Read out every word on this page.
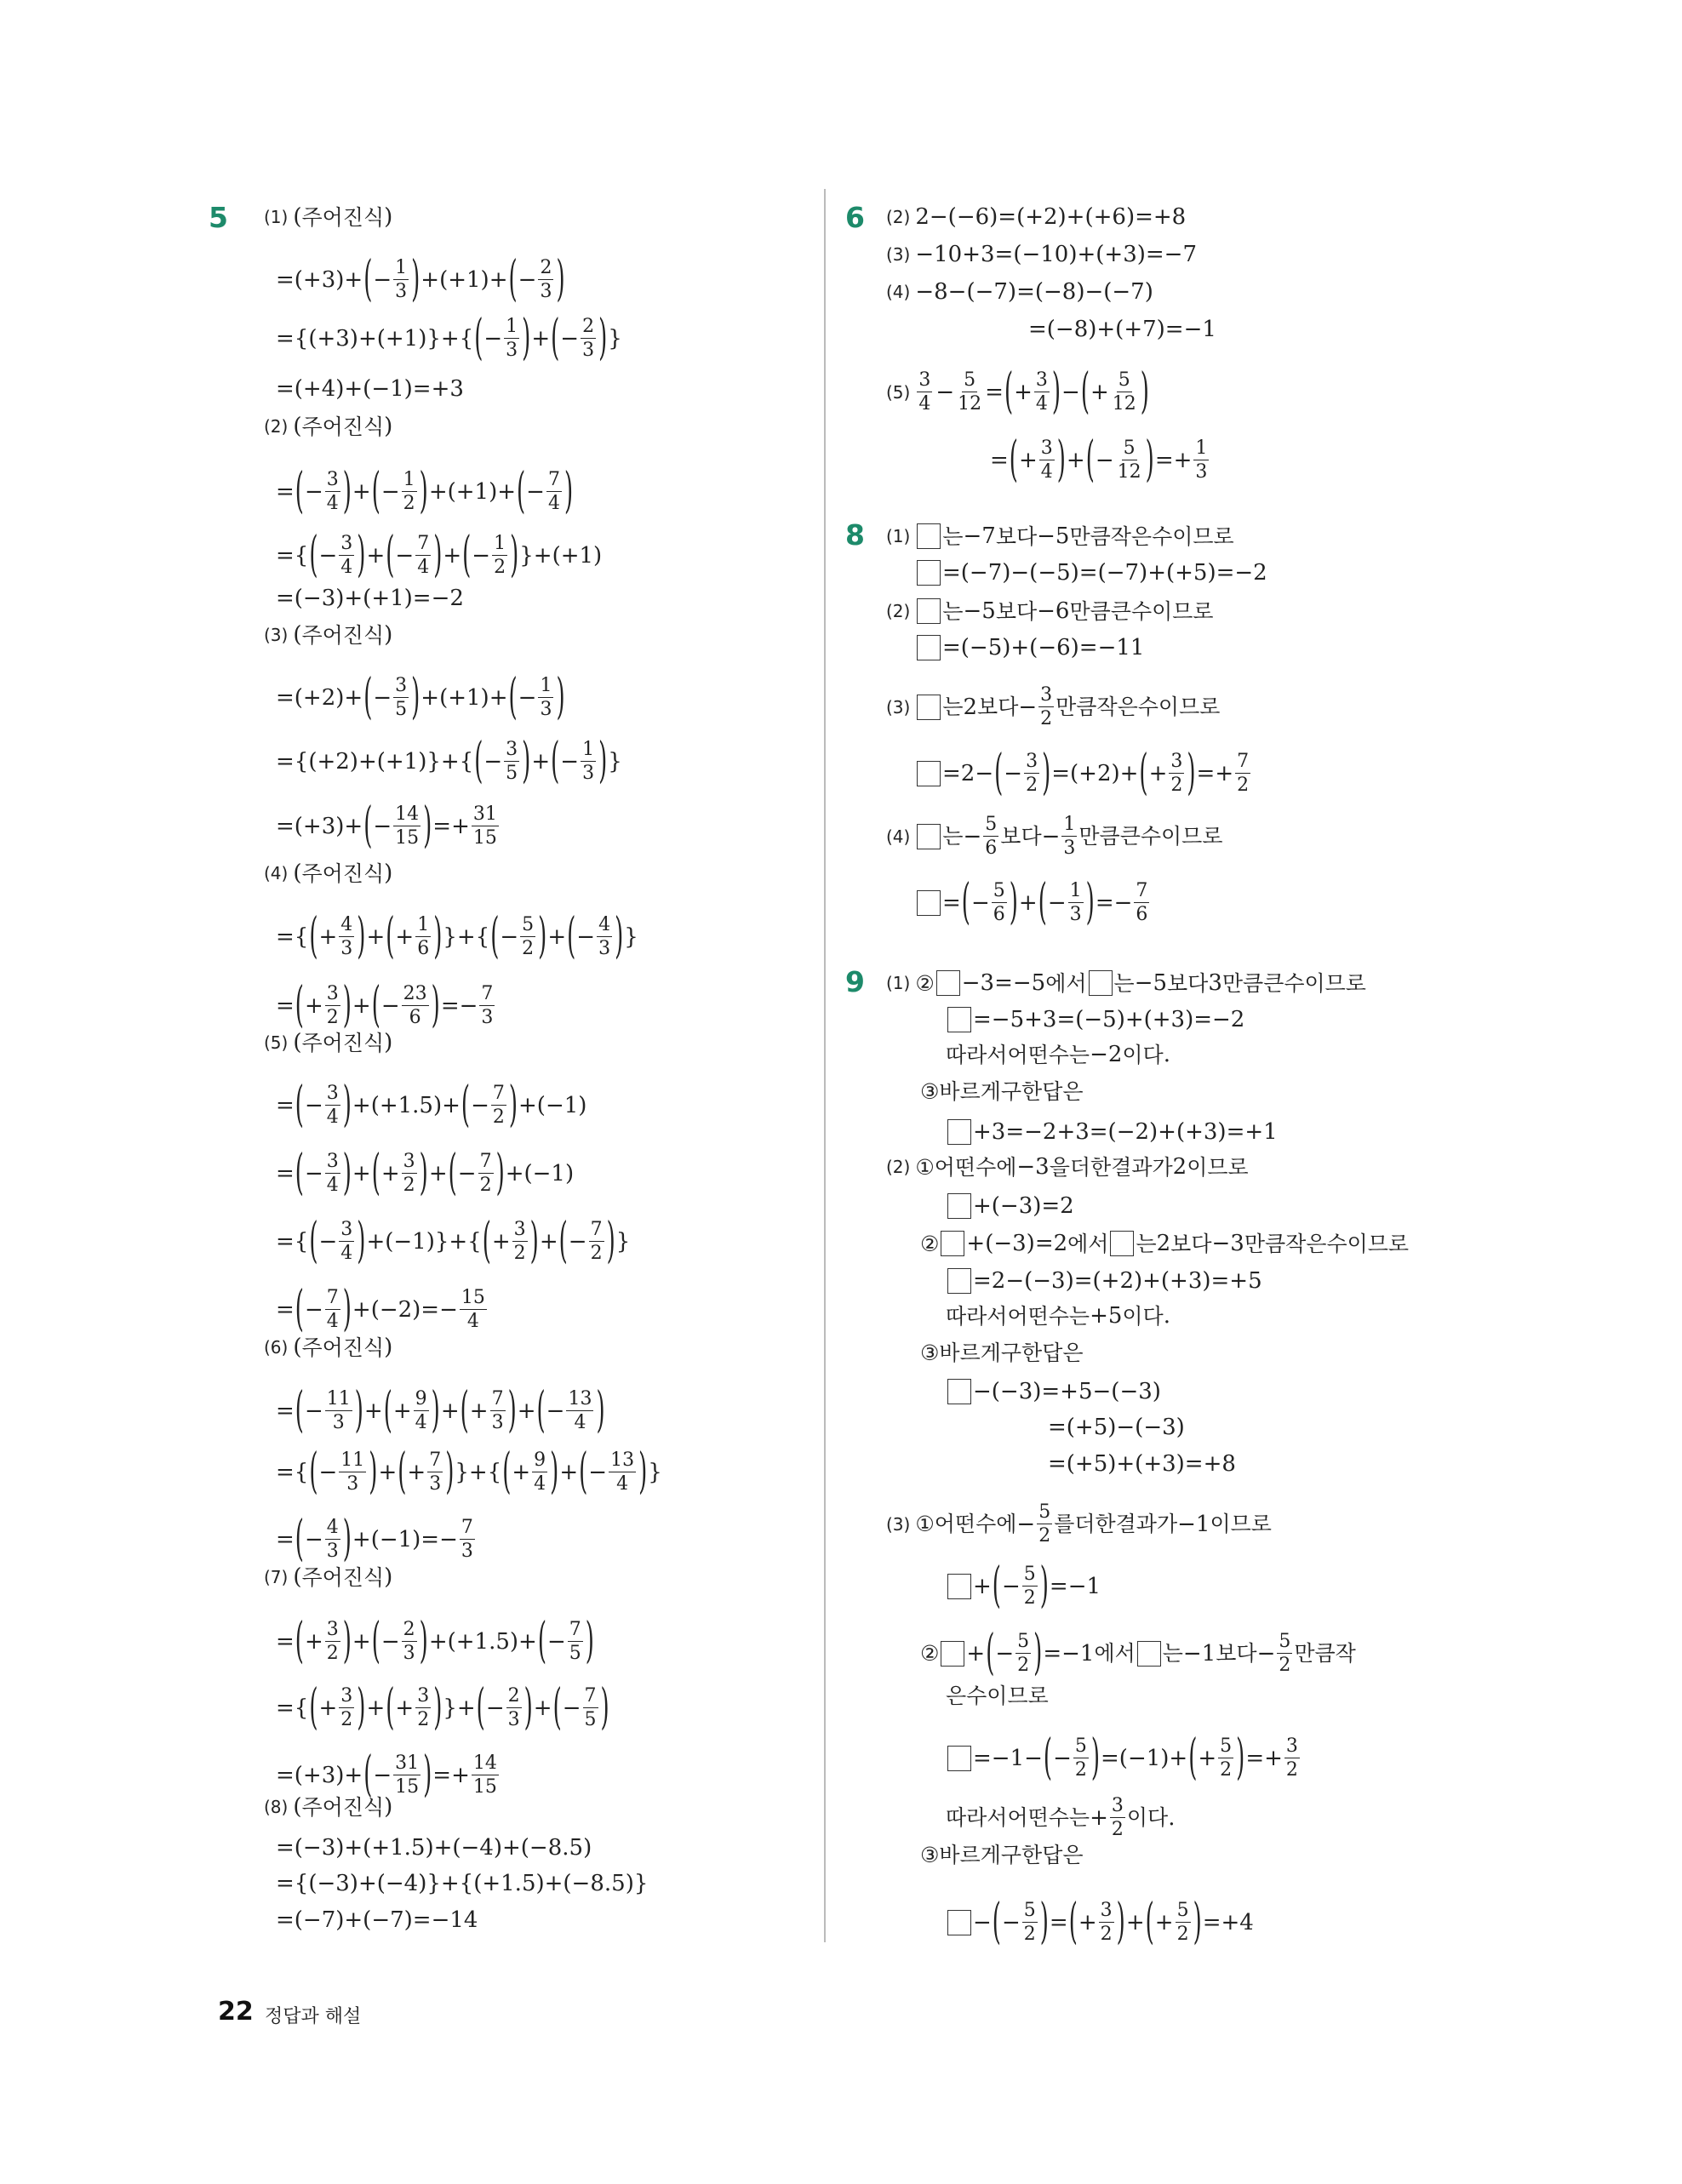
5 (1) ( 주어진 식 )
=(+3)+ ( − $\frac{1}{3}$ ) +(+1)+ ( − $\frac{2}{3}$ )
={(+3)+(+1)}+{ ( − $\frac{1}{3}$ ) + ( − $\frac{2}{3}$ ) }
=(+4)+(−1)=+3
(2) ( 주어진 식 )
= ( − $\frac{3}{4}$ ) + ( − $\frac{1}{2}$ ) +(+1)+ ( − $\frac{7}{4}$ )
={ ( − $\frac{3}{4}$ ) + ( − $\frac{7}{4}$ ) + ( − $\frac{1}{2}$ ) }+(+1)
=(−3)+(+1)=−2
(3) ( 주어진 식 )
=(+2)+ ( − $\frac{3}{5}$ ) +(+1)+ ( − $\frac{1}{3}$ )
={(+2)+(+1)}+{ ( − $\frac{3}{5}$ ) + ( − $\frac{1}{3}$ ) }
=(+3)+ ( − $\frac{14}{15}$ ) =+ $\frac{31}{15}$
(4) ( 주어진 식 )
={ ( + $\frac{4}{3}$ ) + ( + $\frac{1}{6}$ ) }+{ ( − $\frac{5}{2}$ ) + ( − $\frac{4}{3}$ ) }
= ( + $\frac{3}{2}$ ) + ( − $\frac{23}{6}$ ) =− $\frac{7}{3}$
(5) ( 주어진 식 )
= ( − $\frac{3}{4}$ ) +(+1.5)+ ( − $\frac{7}{2}$ ) +(−1)
= ( − $\frac{3}{4}$ ) + ( + $\frac{3}{2}$ ) + ( − $\frac{7}{2}$ ) +(−1)
={ ( − $\frac{3}{4}$ ) +(−1)}+{ ( + $\frac{3}{2}$ ) + ( − $\frac{7}{2}$ ) }
= ( − $\frac{7}{4}$ ) $+(-2)=- \frac{15}{4}$
(6) ( 주어진 식 )
= ( − $\frac{11}{3}$ ) + ( + $\frac{9}{4}$ ) + ( + $\frac{7}{3}$ ) + ( − $\frac{13}{4}$ )
={ ( − $\frac{11}{3}$ ) + ( + $\frac{7}{3}$ ) }+{ ( + $\frac{9}{4}$ ) + ( − $\frac{13}{4}$ ) }
= ( − $\frac{4}{3}$ ) $+(-1)=- \frac{7}{3}$
(7) ( 주어진 식 )
= ( + $\frac{3}{2}$ ) + ( − $\frac{2}{3}$ ) +(+1.5)+ ( − $\frac{7}{5}$ )
={ ( + $\frac{3}{2}$ ) + ( + $\frac{3}{2}$ ) }+ ( − $\frac{2}{3}$ ) + ( − $\frac{7}{5}$ )
=(+3)+ ( − $\frac{31}{15}$ ) =+ $\frac{14}{15}$
(8) ( 주어진 식 )
=(−3)+(+1.5)+(−4)+(−8.5)
={(−3)+(−4)}+{(+1.5)+(−8.5)}
=(−7)+(−7)=−14
6 (2) 2−(−6)=(+2)+(+6)=+8
(3) −10+3=(−10)+(+3)=−7
(4) −8−(−7)=(−8)−(−7)
=(−8)+(+7)=−1
$(5) \frac{3}{4} - \frac{5}{12}$ = ( + $\frac{3}{4}$ ) − ( + $\frac{5}{12}$ )
= ( + $\frac{3}{4}$ ) + ( − $\frac{5}{12}$ ) =+ $\frac{1}{3}$
8 (1) 는 −7 보다 −5 만큼 작은 수이므로
=(−7)−(−5)=(−7)+(+5)=−2
(2) 는 −5 보다 −6 만큼 큰 수이므로
=(−5)+(−6)=−11
(3) 는 2 보다 − $\frac{3}{2}$ 만큼 작은 수이므로
=2− ( − $\frac{3}{2}$ ) =(+2)+ ( + $\frac{3}{2}$ ) =+ $\frac{7}{2}$
(4) 는 − $\frac{5}{6}$ 보다 − $\frac{1}{3}$ 만큼 큰 수이므로
= ( − $\frac{5}{6}$ ) + ( − $\frac{1}{3}$ ) =− $\frac{7}{6}$
9 (1) ② −3=−5 에서 는 −5 보다 3 만큼 큰 수이므로
=−5+3=(−5)+(+3)=−2
따라서 어떤 수는 −2 이다 .
③ 바르게 구한 답은
+3=−2+3=(−2)+(+3)=+1
(2) ① 어떤 수에 −3 을 더한 결과가 2 이므로
+(−3)=2
② +(−3)=2 에서 는 2 보다 −3 만큼 작은 수이므로
=2−(−3)=(+2)+(+3)=+5
따라서 어떤 수는 +5 이다 .
③ 바르게 구한 답은
−(−3)=+5−(−3)
=(+5)−(−3)
=(+5)+(+3)=+8
(3) ① 어떤 수에 − $\frac{5}{2}$ 를 더한 결과가 −1 이므로
+ ( − $\frac{5}{2}$ ) =−1
② + ( − $\frac{5}{2}$ ) =−1 에서 는 −1 보다 − $\frac{5}{2}$ 만큼 작
은 수이므로
=−1− ( − $\frac{5}{2}$ ) =(−1)+ ( + $\frac{5}{2}$ ) =+ $\frac{3}{2}$
따라서 어떤 수는 + $\frac{3}{2}$ 이다 .
③ 바르게 구한 답은
− ( − $\frac{5}{2}$ ) = ( + $\frac{3}{2}$ ) + ( + $\frac{5}{2}$ ) =+4
22 정답과 해설
